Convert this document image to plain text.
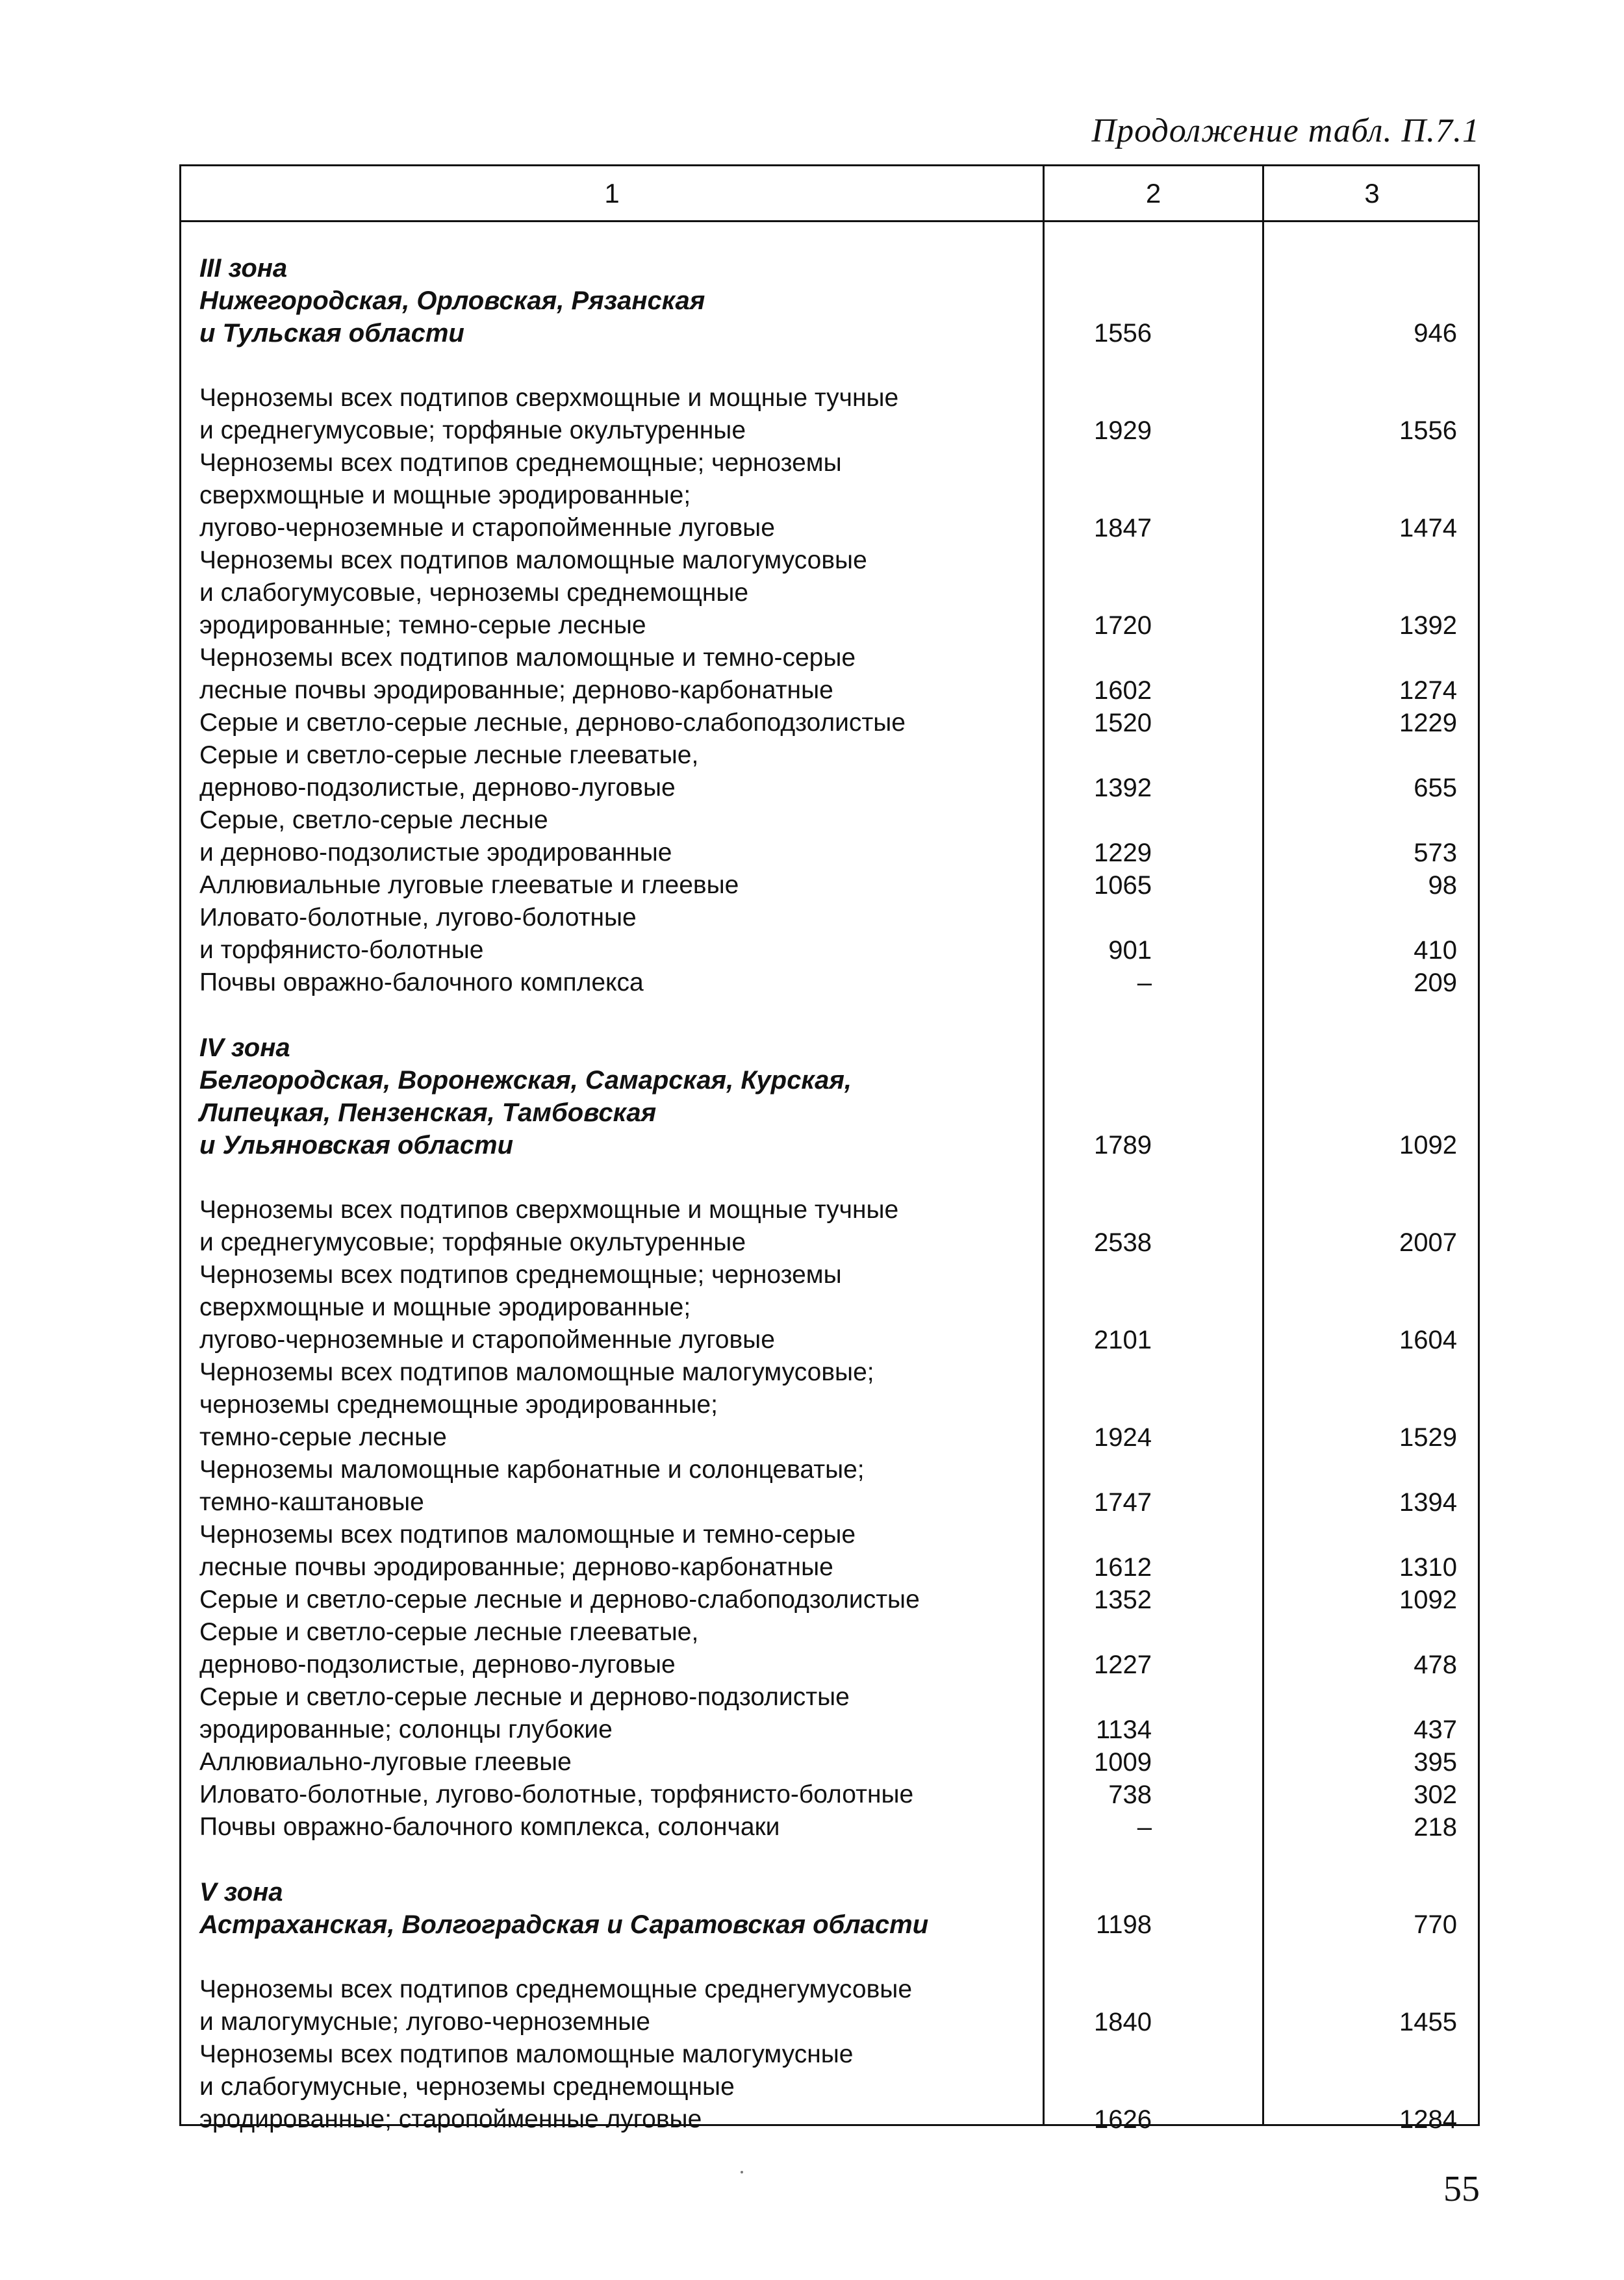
Продолжение табл. П.7.1
1	2	3
III зона
Нижегородская, Орловская, Рязанская
и Тульская области	1556	946
Черноземы всех подтипов сверхмощные и мощные тучные
и среднегумусовые; торфяные окультуренные	1929	1556
Черноземы всех подтипов среднемощные; черноземы
сверхмощные и мощные эродированные;
лугово-черноземные и старопойменные луговые	1847	1474
Черноземы всех подтипов маломощные малогумусовые
и слабогумусовые, черноземы среднемощные
эродированные; темно-серые лесные	1720	1392
Черноземы всех подтипов маломощные и темно-серые
лесные почвы эродированные; дерново-карбонатные	1602	1274
Серые и светло-серые лесные, дерново-слабоподзолистые	1520	1229
Серые и светло-серые лесные глееватые,
дерново-подзолистые, дерново-луговые	1392	655
Серые, светло-серые лесные
и дерново-подзолистые эродированные	1229	573
Аллювиальные луговые глееватые и глеевые	1065	98
Иловато-болотные, лугово-болотные
и торфянисто-болотные	901	410
Почвы овражно-балочного комплекса	–	209
IV зона
Белгородская, Воронежская, Самарская, Курская,
Липецкая, Пензенская, Тамбовская
и Ульяновская области	1789	1092
Черноземы всех подтипов сверхмощные и мощные тучные
и среднегумусовые; торфяные окультуренные	2538	2007
Черноземы всех подтипов среднемощные; черноземы
сверхмощные и мощные эродированные;
лугово-черноземные и старопойменные луговые	2101	1604
Черноземы всех подтипов маломощные малогумусовые;
черноземы среднемощные эродированные;
темно-серые лесные	1924	1529
Черноземы маломощные карбонатные и солонцеватые;
темно-каштановые	1747	1394
Черноземы всех подтипов маломощные и темно-серые
лесные почвы эродированные; дерново-карбонатные	1612	1310
Серые и светло-серые лесные и дерново-слабоподзолистые	1352	1092
Серые и светло-серые лесные глееватые,
дерново-подзолистые, дерново-луговые	1227	478
Серые и светло-серые лесные и дерново-подзолистые
эродированные; солонцы глубокие	1134	437
Аллювиально-луговые глеевые	1009	395
Иловато-болотные, лугово-болотные, торфянисто-болотные	738	302
Почвы овражно-балочного комплекса, солончаки	–	218
V зона
Астраханская, Волгоградская и Саратовская области	1198	770
Черноземы всех подтипов среднемощные среднегумусовые
и малогумусные; лугово-черноземные	1840	1455
Черноземы всех подтипов маломощные малогумусные
и слабогумусные, черноземы среднемощные
эродированные; старопойменные луговые	1626	1284
55
